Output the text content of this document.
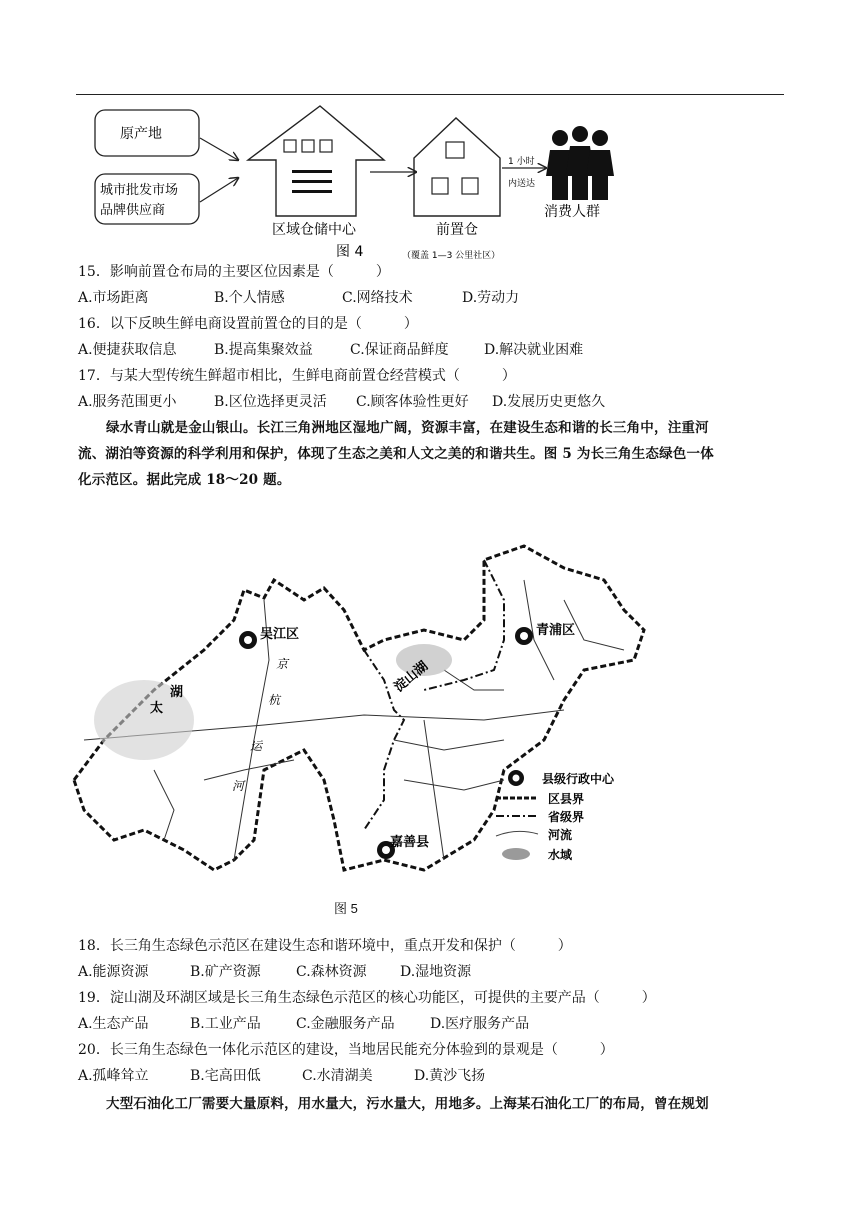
原产地
城市批发市场
品牌供应商
区域仓储中心	前置仓
1 小时
内送达
消费人群
图 4	（覆盖 1—3 公里社区）
15．影响前置仓布局的主要区位因素是（　　　）
A.市场距离	B.个人情感	C.网络技术	D.劳动力
16．以下反映生鲜电商设置前置仓的目的是（　　　）
A.便捷获取信息	B.提高集聚效益	C.保证商品鲜度	D.解决就业困难
17．与某大型传统生鲜超市相比，生鲜电商前置仓经营模式（　　　）
A.服务范围更小	B.区位选择更灵活 C.顾客体验性更好 D.发展历史更悠久
绿水青山就是金山银山。长江三角洲地区湿地广阔，资源丰富，在建设生态和谐的长三角中，注重河
流、湖泊等资源的科学利用和保护，体现了生态之美和人文之美的和谐共生。图 5 为长三角生态绿色一体
化示范区。据此完成 18～20 题。
吴江区	青浦区
嘉善县
淀山湖
太
湖
京
杭
运
河	县级行政中心
区县界
省级界
河流
水域
图 5
18．长三角生态绿色示范区在建设生态和谐环境中，重点开发和保护（　　　）
A.能源资源	B.矿产资源	C.森林资源 D.湿地资源
19．淀山湖及环湖区域是长三角生态绿色示范区的核心功能区，可提供的主要产品（　　　）
A.生态产品	B.工业产品	C.金融服务产品	D.医疗服务产品
20．长三角生态绿色一体化示范区的建设，当地居民能充分体验到的景观是（　　　）
A.孤峰耸立	B.宅高田低	C.水清湖美	D.黄沙飞扬
大型石油化工厂需要大量原料，用水量大，污水量大，用地多。上海某石油化工厂的布局，曾在规划
